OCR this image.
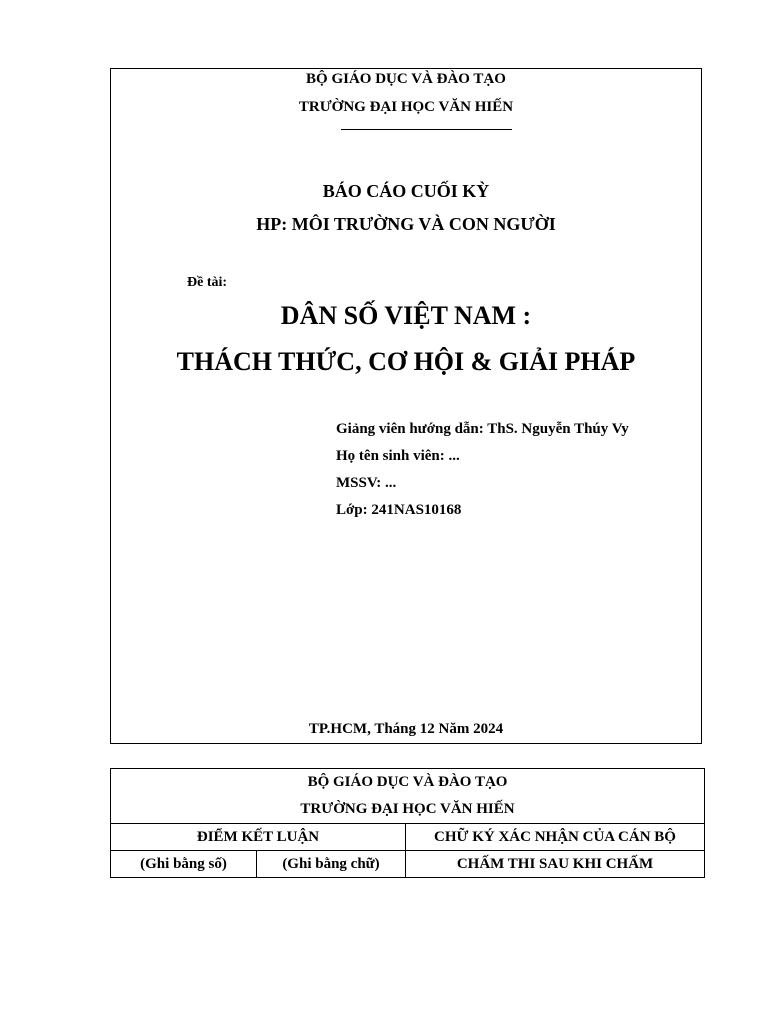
BỘ GIÁO DỤC VÀ ĐÀO TẠO
TRƯỜNG ĐẠI HỌC VĂN HIẾN
BÁO CÁO CUỐI KỲ
HP: MÔI TRƯỜNG VÀ CON NGƯỜI
Đề tài:
DÂN SỐ VIỆT NAM :
THÁCH THỨC, CƠ HỘI & GIẢI PHÁP
Giảng viên hướng dẫn: ThS. Nguyễn Thúy Vy
Họ tên sinh viên: ...
MSSV: ...
Lớp: 241NAS10168
TP.HCM, Tháng 12 Năm 2024
BỘ GIÁO DỤC VÀ ĐÀO TẠO
TRƯỜNG ĐẠI HỌC VĂN HIẾN		

ĐIỂM KẾT LUẬN		CHỮ KÝ XÁC NHẬN CỦA CÁN BỘ
(Ghi bằng số)	(Ghi bằng chữ)	CHẤM THI SAU KHI CHẤM
